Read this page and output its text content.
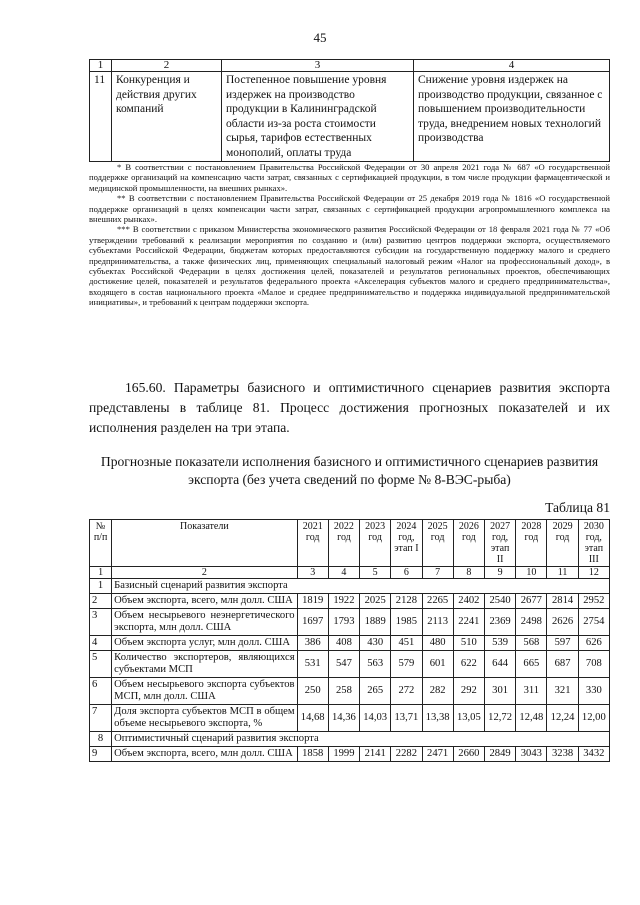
45
1	2	3	4
11	Конкуренция и действия других компаний	Постепенное повышение уровня издержек на производство продукции в Калининградской области из-за роста стоимости сырья, тарифов естественных монополий, оплаты труда	Снижение уровня издержек на производство продукции, связанное с повышением производительности труда, внедрением новых технологий производства

* В соответствии с постановлением Правительства Российской Федерации от 30 апреля 2021 года № 687 «О государственной поддержке организаций на компенсацию части затрат, связанных с сертификацией продукции, в том числе продукции фармацевтической и медицинской промышленности, на внешних рынках».

** В соответствии с постановлением Правительства Российской Федерации от 25 декабря 2019 года № 1816 «О государственной поддержке организаций в целях компенсации части затрат, связанных с сертификацией продукции агропромышленного комплекса на внешних рынках».

*** В соответствии с приказом Министерства экономического развития Российской Федерации от 18 февраля 2021 года № 77 «Об утверждении требований к реализации мероприятия по созданию и (или) развитию центров поддержки экспорта, осуществляемого субъектами Российской Федерации, бюджетам которых предоставляются субсидии на государственную поддержку малого и среднего предпринимательства, а также физических лиц, применяющих специальный налоговый режим «Налог на профессиональный доход», в субъектах Российской Федерации в целях достижения целей, показателей и результатов региональных проектов, обеспечивающих достижение целей, показателей и результатов федерального проекта «Акселерация субъектов малого и среднего предпринимательства», входящего в состав национального проекта «Малое и среднее предпринимательство и поддержка индивидуальной предпринимательской инициативы», и требований к центрам поддержки экспорта.

165.60. Параметры базисного и оптимистичного сценариев развития экспорта представлены в таблице 81. Процесс достижения прогнозных показателей и их исполнения разделен на три этапа.

Прогнозные показатели исполнения базисного и оптимистичного сценариев развития экспорта (без учета сведений по форме № 8-ВЭС-рыба)
Таблица 81
№ п/п	Показатели	2021 год	2022 год	2023 год	2024 год, этап I	2025 год	2026 год	2027 год, этап II	2028 год	2029 год	2030 год, этап III
1	2	3	4	5	6	7	8	9	10	11	12
1	Базисный сценарий развития экспорта										
2	Объем экспорта, всего, млн долл. США	1819	1922	2025	2128	2265	2402	2540	2677	2814	2952
3	Объем несырьевого неэнергетического экспорта, млн долл. США	1697	1793	1889	1985	2113	2241	2369	2498	2626	2754
4	Объем экспорта услуг, млн долл. США	386	408	430	451	480	510	539	568	597	626
5	Количество экспортеров, являющихся субъектами МСП	531	547	563	579	601	622	644	665	687	708
6	Объем несырьевого экспорта субъектов МСП, млн долл. США	250	258	265	272	282	292	301	311	321	330
7	Доля экспорта субъектов МСП в общем объеме несырьевого экспорта, %	14,68	14,36	14,03	13,71	13,38	13,05	12,72	12,48	12,24	12,00
8	Оптимистичный сценарий развития экспорта										
9	Объем экспорта, всего, млн долл. США	1858	1999	2141	2282	2471	2660	2849	3043	3238	3432
